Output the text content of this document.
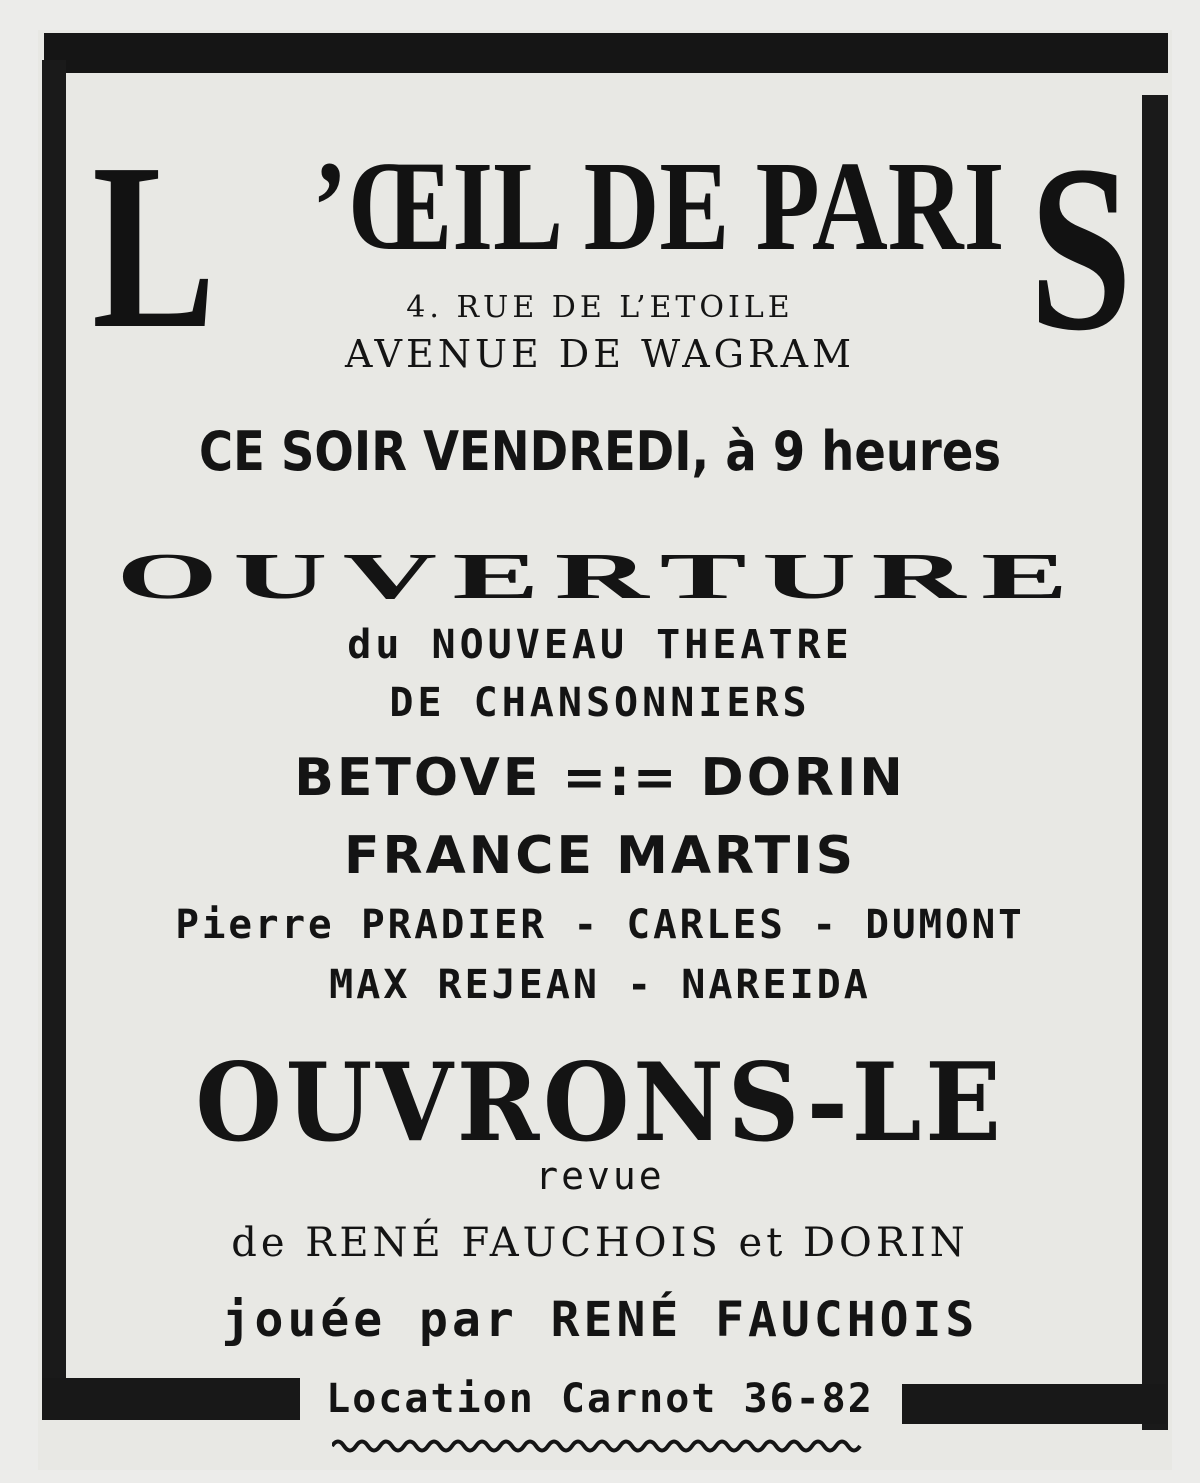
L ’ŒIL DE PARI S
4. RUE DE L’ETOILE
AVENUE DE WAGRAM
CE SOIR VENDREDI, à 9 heures
OUVERTURE
du NOUVEAU THEATRE
DE CHANSONNIERS
BETOVE =:= DORIN
FRANCE MARTIS
Pierre PRADIER - CARLES - DUMONT
MAX REJEAN - NAREIDA
OUVRONS-LE
revue
de RENÉ FAUCHOIS et DORIN
jouée par RENÉ FAUCHOIS
Location Carnot 36-82
